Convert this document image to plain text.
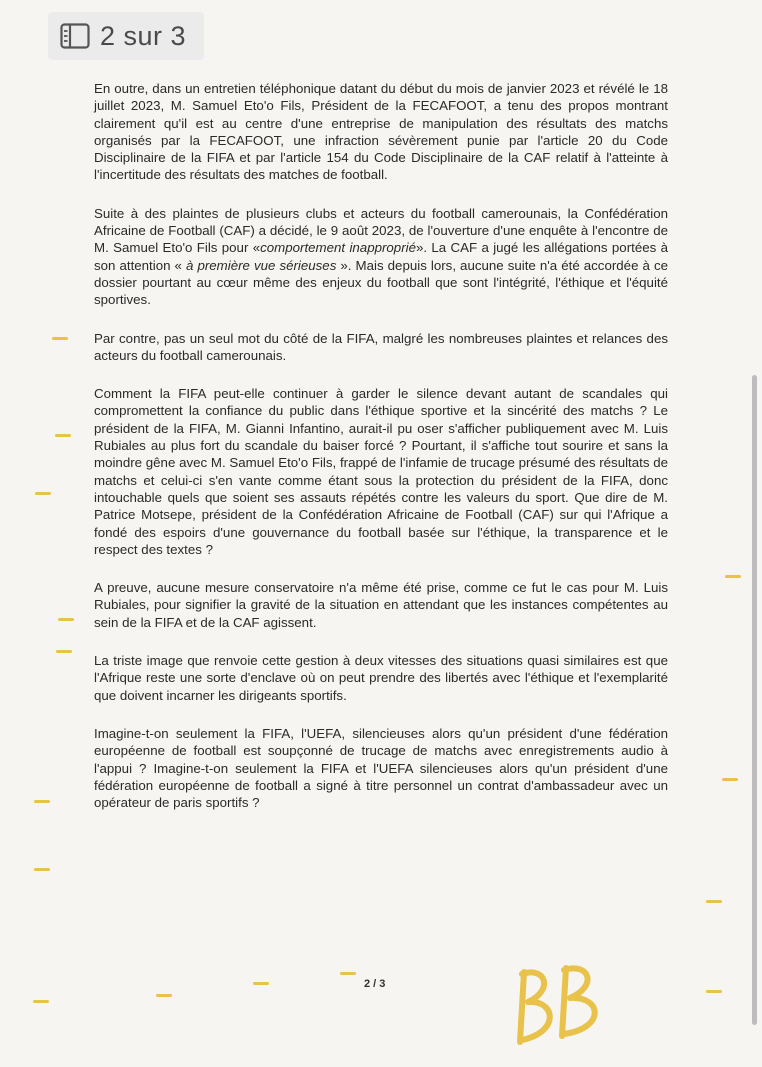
2 sur 3

En outre, dans un entretien téléphonique datant du début du mois de janvier 2023 et révélé le 18 juillet 2023, M. Samuel Eto'o Fils, Président de la FECAFOOT, a tenu des propos montrant clairement qu'il est au centre d'une entreprise de manipulation des résultats des matchs organisés par la FECAFOOT, une infraction sévèrement punie par l'article 20 du Code Disciplinaire de la FIFA et par l'article 154 du Code Disciplinaire de la CAF relatif à l'atteinte à l'incertitude des résultats des matches de football.

Suite à des plaintes de plusieurs clubs et acteurs du football camerounais, la Confédération Africaine de Football (CAF) a décidé, le 9 août 2023, de l'ouverture d'une enquête à l'encontre de M. Samuel Eto'o Fils pour «comportement inapproprié». La CAF a jugé les allégations portées à son attention « à première vue sérieuses ». Mais depuis lors, aucune suite n'a été accordée à ce dossier pourtant au cœur même des enjeux du football que sont l'intégrité, l'éthique et l'équité sportives.

Par contre, pas un seul mot du côté de la FIFA, malgré les nombreuses plaintes et relances des acteurs du football camerounais.

Comment la FIFA peut-elle continuer à garder le silence devant autant de scandales qui compromettent la confiance du public dans l'éthique sportive et la sincérité des matchs ? Le président de la FIFA, M. Gianni Infantino, aurait-il pu oser s'afficher publiquement avec M. Luis Rubiales au plus fort du scandale du baiser forcé ? Pourtant, il s'affiche tout sourire et sans la moindre gêne avec M. Samuel Eto'o Fils, frappé de l'infamie de trucage présumé des résultats de matchs et celui-ci s'en vante comme étant sous la protection du président de la FIFA, donc intouchable quels que soient ses assauts répétés contre les valeurs du sport. Que dire de M. Patrice Motsepe, président de la Confédération Africaine de Football (CAF) sur qui l'Afrique a fondé des espoirs d'une gouvernance du football basée sur l'éthique, la transparence et le respect des textes ?

A preuve, aucune mesure conservatoire n'a même été prise, comme ce fut le cas pour M. Luis Rubiales, pour signifier la gravité de la situation en attendant que les instances compétentes au sein de la FIFA et de la CAF agissent.

La triste image que renvoie cette gestion à deux vitesses des situations quasi similaires est que l'Afrique reste une sorte d'enclave où on peut prendre des libertés avec l'éthique et l'exemplarité que doivent incarner les dirigeants sportifs.

Imagine-t-on seulement la FIFA, l'UEFA, silencieuses alors qu'un président d'une fédération européenne de football est soupçonné de trucage de matchs avec enregistrements audio à l'appui ? Imagine-t-on seulement la FIFA et l'UEFA silencieuses alors qu'un président d'une fédération européenne de football a signé à titre personnel un contrat d'ambassadeur avec un opérateur de paris sportifs ?

2 / 3
